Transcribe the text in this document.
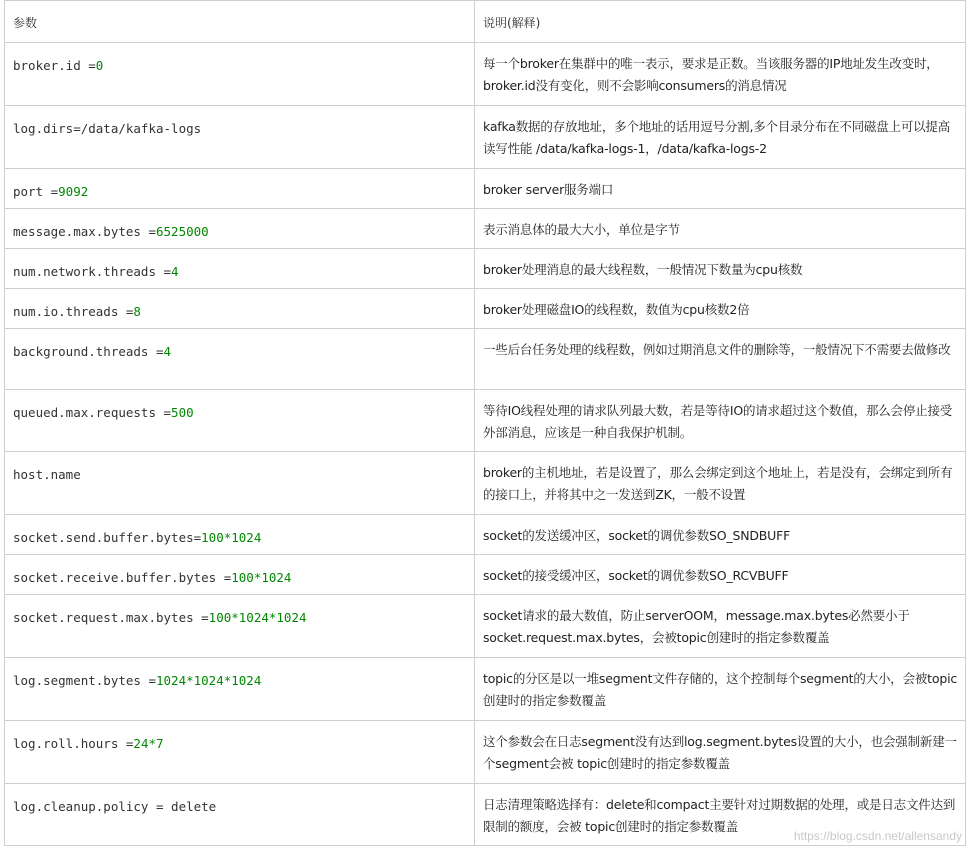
参数	说明(解释)
broker.id =0	每一个broker在集群中的唯一表示，要求是正数。当该服务器的IP地址发生改变时，broker.id没有变化，则不会影响consumers的消息情况
log.dirs=/data/kafka-logs	kafka数据的存放地址，多个地址的话用逗号分割,多个目录分布在不同磁盘上可以提高读写性能 /data/kafka-logs-1，/data/kafka-logs-2
port =9092	broker server服务端口
message.max.bytes =6525000	表示消息体的最大大小，单位是字节
num.network.threads =4	broker处理消息的最大线程数，一般情况下数量为cpu核数
num.io.threads =8	broker处理磁盘IO的线程数，数值为cpu核数2倍
background.threads =4	一些后台任务处理的线程数，例如过期消息文件的删除等，一般情况下不需要去做修改
queued.max.requests =500	等待IO线程处理的请求队列最大数，若是等待IO的请求超过这个数值，那么会停止接受外部消息，应该是一种自我保护机制。
host.name	broker的主机地址，若是设置了，那么会绑定到这个地址上，若是没有，会绑定到所有的接口上，并将其中之一发送到ZK，一般不设置
socket.send.buffer.bytes=100*1024	socket的发送缓冲区，socket的调优参数SO_SNDBUFF
socket.receive.buffer.bytes =100*1024	socket的接受缓冲区，socket的调优参数SO_RCVBUFF
socket.request.max.bytes =100*1024*1024	socket请求的最大数值，防止serverOOM，message.max.bytes必然要小于socket.request.max.bytes，会被topic创建时的指定参数覆盖
log.segment.bytes =1024*1024*1024	topic的分区是以一堆segment文件存储的，这个控制每个segment的大小，会被topic创建时的指定参数覆盖
log.roll.hours =24*7	这个参数会在日志segment没有达到log.segment.bytes设置的大小，也会强制新建一个segment会被 topic创建时的指定参数覆盖
log.cleanup.policy = delete	日志清理策略选择有：delete和compact主要针对过期数据的处理，或是日志文件达到限制的额度，会被 topic创建时的指定参数覆盖
https://blog.csdn.net/allensandy
